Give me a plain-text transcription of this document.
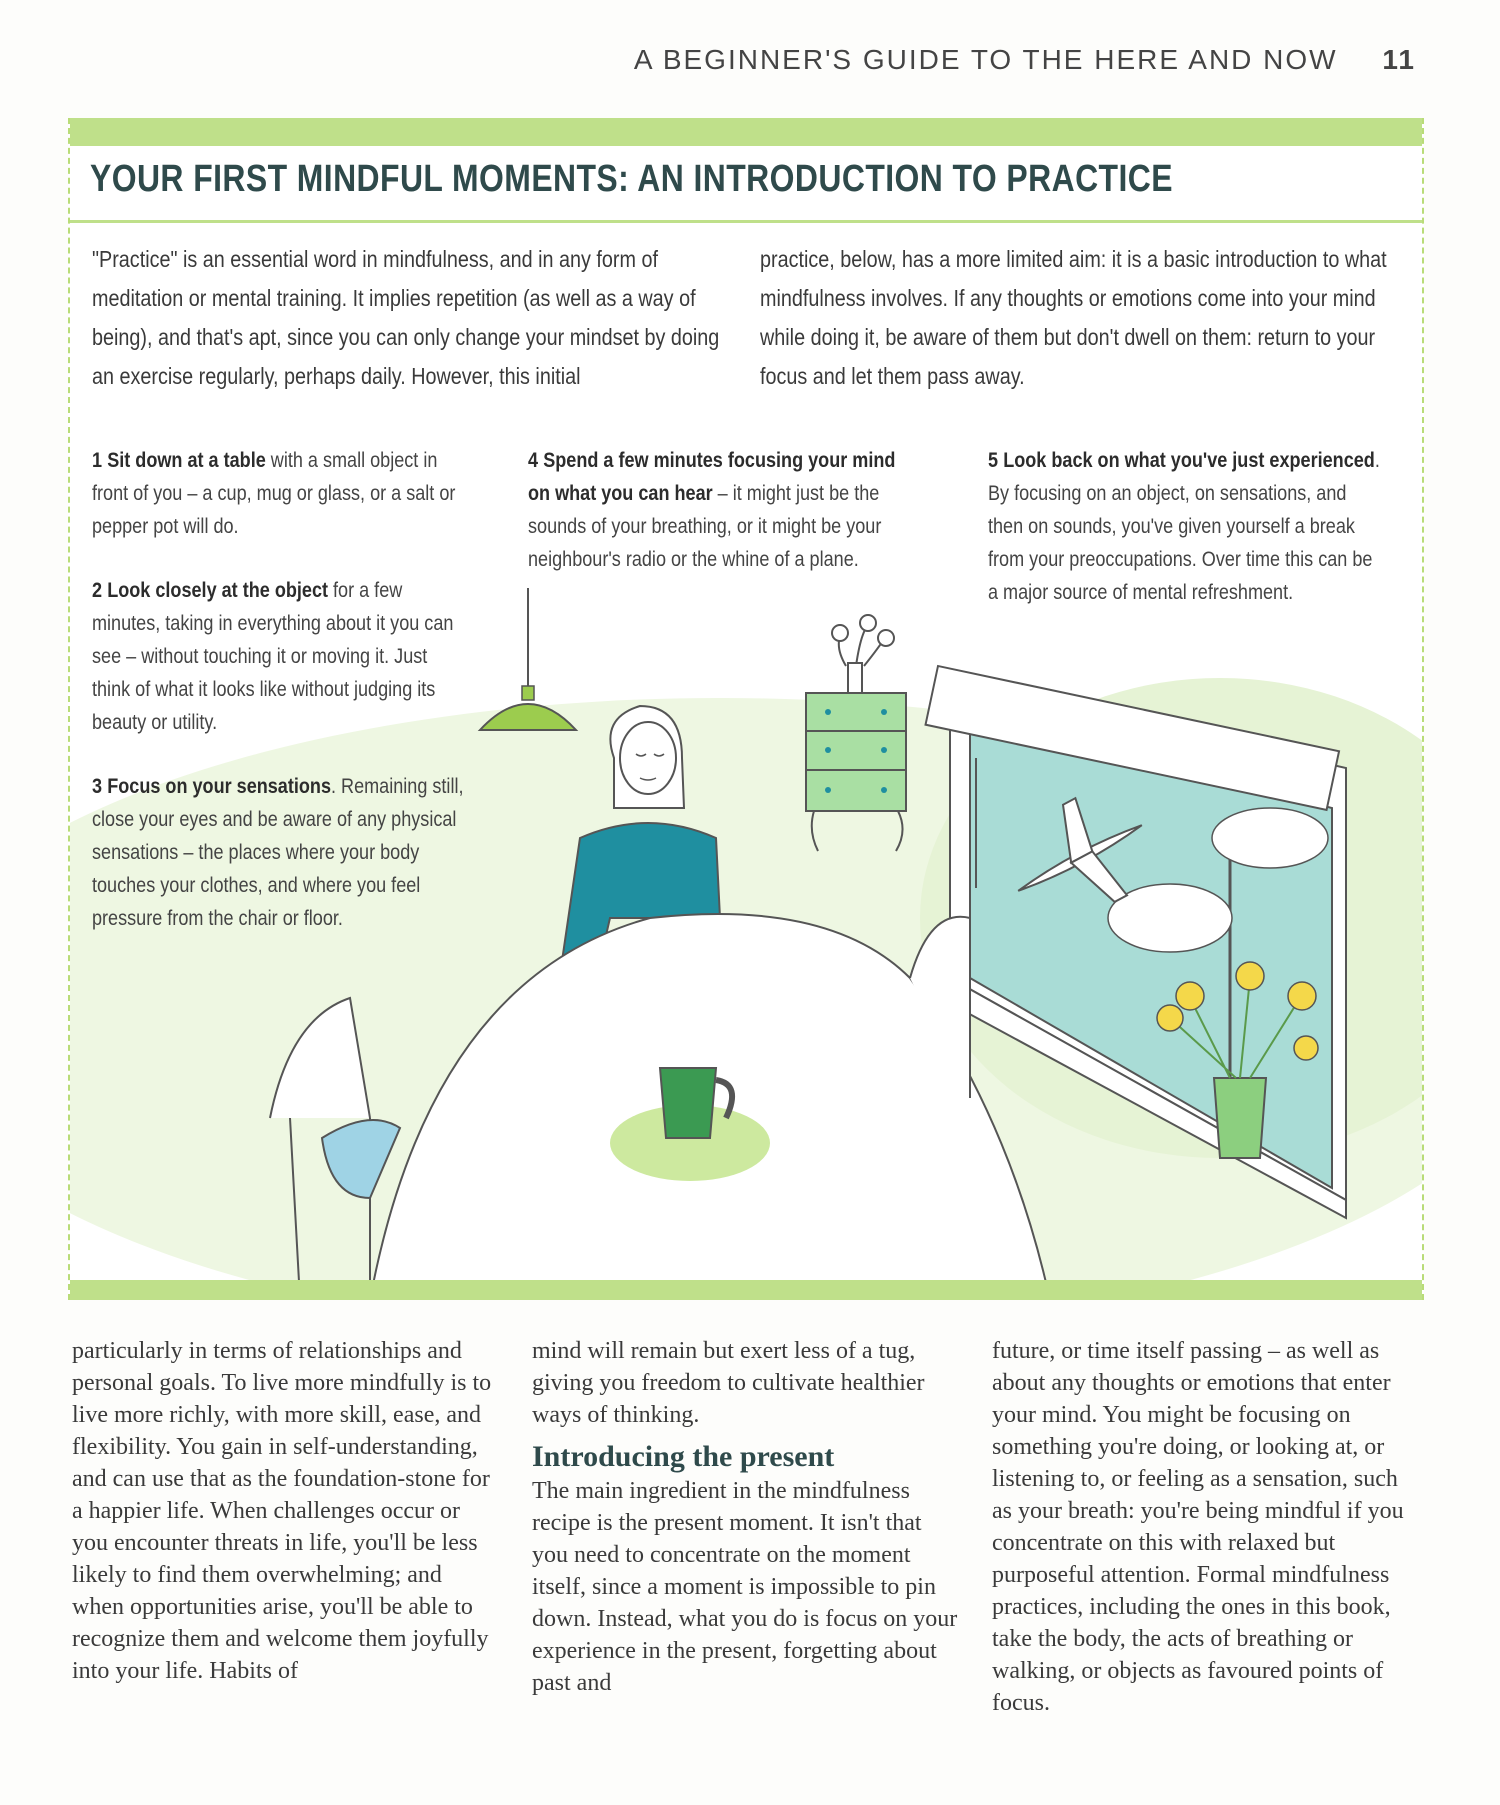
A BEGINNER'S GUIDE TO THE HERE AND NOW 11
YOUR FIRST MINDFUL MOMENTS: AN INTRODUCTION TO PRACTICE

"Practice" is an essential word in mindfulness, and in any form of meditation or mental training. It implies repetition (as well as a way of being), and that's apt, since you can only change your mindset by doing an exercise regularly, perhaps daily. However, this initial

practice, below, has a more limited aim: it is a basic introduction to what mindfulness involves. If any thoughts or emotions come into your mind while doing it, be aware of them but don't dwell on them: return to your focus and let them pass away.

1 Sit down at a table with a small object in front of you – a cup, mug or glass, or a salt or pepper pot will do.
2 Look closely at the object for a few minutes, taking in everything about it you can see – without touching it or moving it. Just think of what it looks like without judging its beauty or utility.
3 Focus on your sensations. Remaining still, close your eyes and be aware of any physical sensations – the places where your body touches your clothes, and where you feel pressure from the chair or floor.
4 Spend a few minutes focusing your mind on what you can hear – it might just be the sounds of your breathing, or it might be your neighbour's radio or the whine of a plane.
5 Look back on what you've just experienced. By focusing on an object, on sensations, and then on sounds, you've given yourself a break from your preoccupations. Over time this can be a major source of mental refreshment.

particularly in terms of relationships and personal goals. To live more mindfully is to live more richly, with more skill, ease, and flexibility. You gain in self-understanding, and can use that as the foundation-stone for a happier life. When challenges occur or you encounter threats in life, you'll be less likely to find them overwhelming; and when opportunities arise, you'll be able to recognize them and welcome them joyfully into your life. Habits of

mind will remain but exert less of a tug, giving you freedom to cultivate healthier ways of thinking.

Introducing the present

The main ingredient in the mindfulness recipe is the present moment. It isn't that you need to concentrate on the moment itself, since a moment is impossible to pin down. Instead, what you do is focus on your experience in the present, forgetting about past and

future, or time itself passing – as well as about any thoughts or emotions that enter your mind. You might be focusing on something you're doing, or looking at, or listening to, or feeling as a sensation, such as your breath: you're being mindful if you concentrate on this with relaxed but purposeful attention. Formal mindfulness practices, including the ones in this book, take the body, the acts of breathing or walking, or objects as favoured points of focus.
